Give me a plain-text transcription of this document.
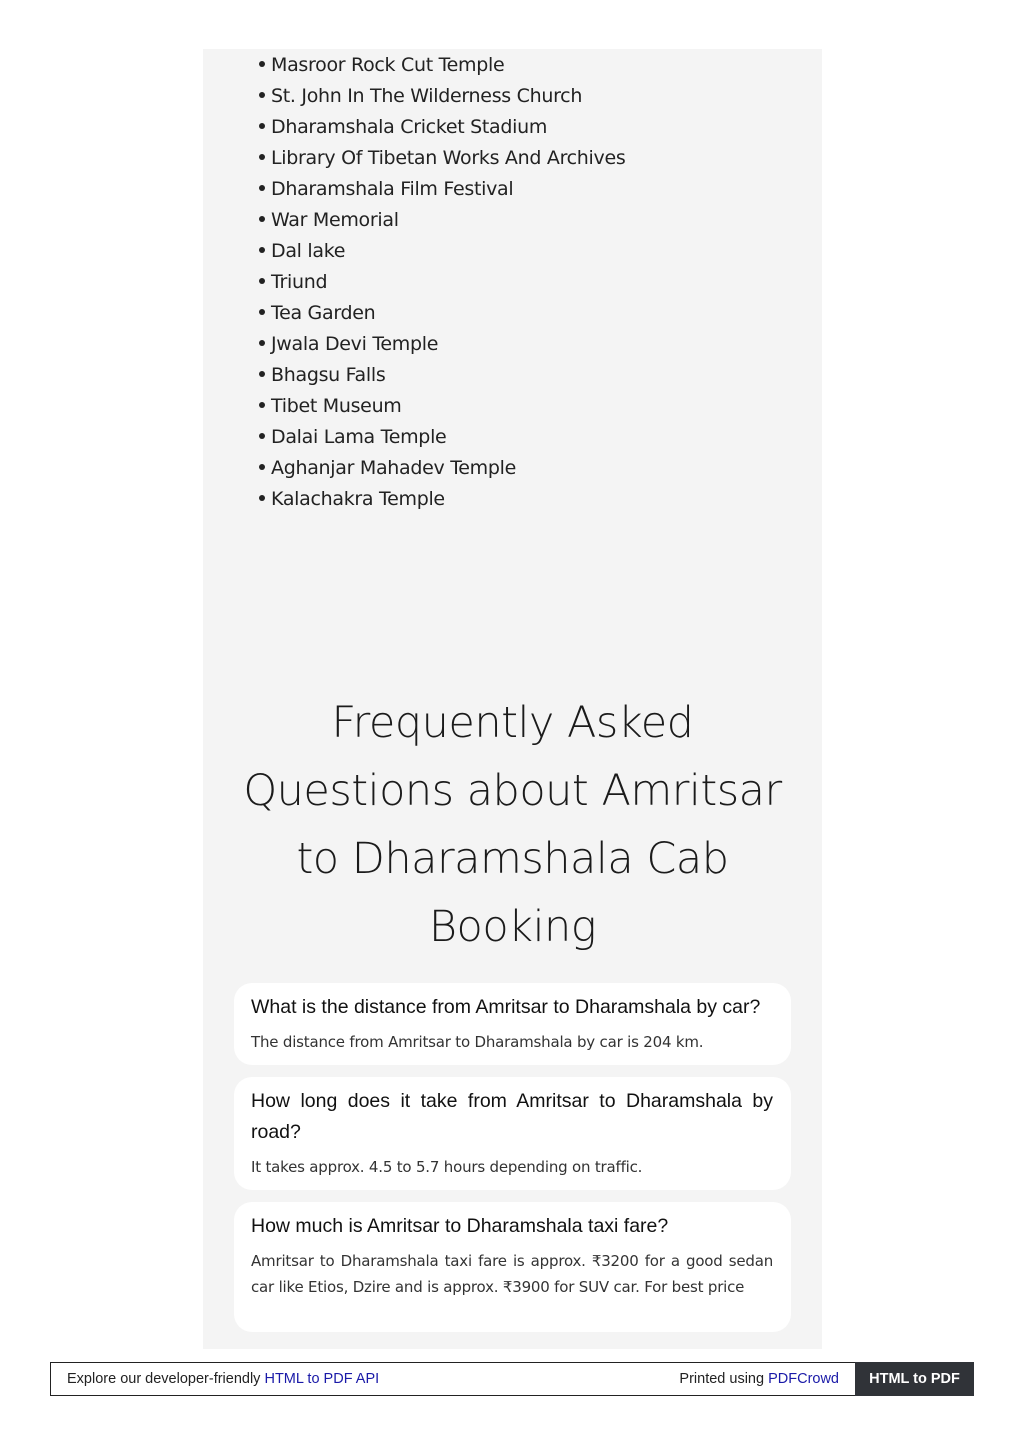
Masroor Rock Cut Temple
St. John In The Wilderness Church
Dharamshala Cricket Stadium
Library Of Tibetan Works And Archives
Dharamshala Film Festival
War Memorial
Dal lake
Triund
Tea Garden
Jwala Devi Temple
Bhagsu Falls
Tibet Museum
Dalai Lama Temple
Aghanjar Mahadev Temple
Kalachakra Temple
Frequently Asked Questions about Amritsar to Dharamshala Cab Booking

What is the distance from Amritsar to Dharamshala by car?

The distance from Amritsar to Dharamshala by car is 204 km.

How long does it take from Amritsar to Dharamshala by road?

It takes approx. 4.5 to 5.7 hours depending on traffic.

How much is Amritsar to Dharamshala taxi fare?

Amritsar to Dharamshala taxi fare is approx. ₹3200 for a good sedan car like Etios, Dzire and is approx. ₹3900 for SUV car. For best price

Explore our developer-friendly HTML to PDF API	Printed using PDFCrowd	HTML to PDF
